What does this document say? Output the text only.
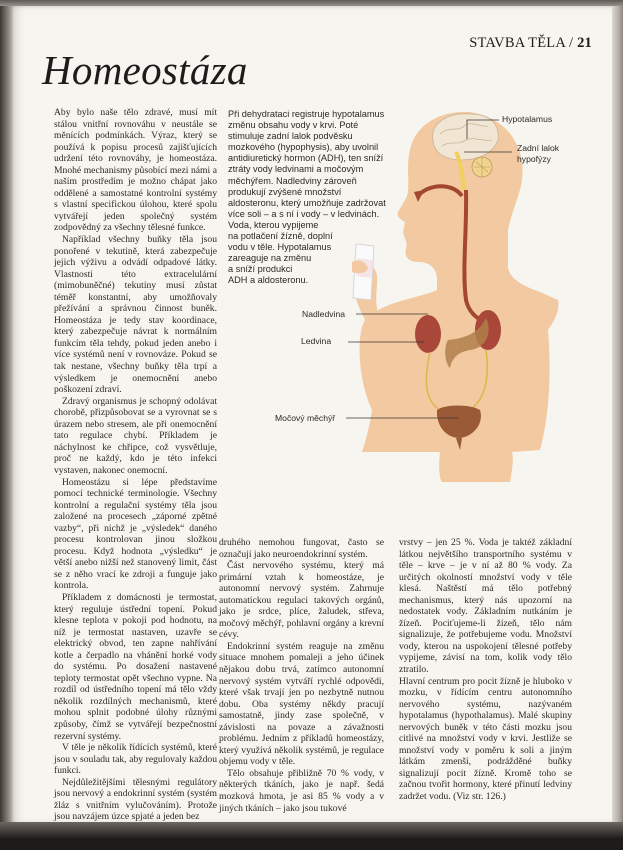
STAVBA TĚLA / 21
Homeostáza
Hypotalamus
Zadní lalok
hypofýzy
Nadledvina
Ledvina
Močový měchýř
Při dehydrataci registruje hypotalamus
změnu obsahu vody v krvi. Poté
stimuluje zadní lalok podvěsku
mozkového (hypophysis), aby uvolnil
antidiuretický hormon (ADH), ten sníží
ztráty vody ledvinami a močovým
měchýřem. Nadledviny zároveň
produkují zvýšené množství
aldosteronu, který umožňuje zadržovat
více soli – a s ní i vody – v ledvinách.
Voda, kterou vypijeme
na potlačení žízně, doplní
vodu v těle. Hypotalamus
zareaguje na změnu
a sníží produkci
ADH a aldosteronu.

Aby bylo naše tělo zdravé, musí mít stálou vnitřní rovnováhu v neustále se měnících podmínkách. Výraz, který se používá k popisu procesů zajišťujících udržení této rovnováhy, je homeostáza. Mnohé mechanismy působící mezi námi a naším prostředím je možno chápat jako oddělené a samostatné kontrolní systémy s vlastní specifickou úlohou, které spolu vytvářejí jeden společný systém zodpovědný za všechny tělesné funkce.

Například všechny buňky těla jsou ponořené v tekutině, která zabezpečuje jejich výživu a odvádí odpadové látky. Vlastnosti této extracelulární (mimobuněčné) tekutiny musí zůstat téměř konstantní, aby umožňovaly přežívání a správnou činnost buněk. Homeostáza je tedy stav koordinace, který zabezpečuje návrat k normálním funkcím těla tehdy, pokud jeden anebo i více systémů není v rovnováze. Pokud se tak nestane, všechny buňky těla trpí a výsledkem je onemocnění anebo poškození zdraví.

Zdravý organismus je schopný odolávat chorobě, přizpůsobovat se a vyrovnat se s úrazem nebo stresem, ale při onemocnění tato regulace chybí. Příkladem je náchylnost ke chřipce, což vysvětluje, proč ne každý, kdo je této infekci vystaven, nakonec onemocní.

Homeostázu si lépe představíme pomocí technické terminologie. Všechny kontrolní a regulační systémy těla jsou založené na procesech „záporné zpětné vazby“, při nichž je „výsledek“ daného procesu kontrolovan jinou složkou procesu. Když hodnota „výsledku“ je větší anebo nižší než stanovený limit, část se z něho vrací ke zdroji a funguje jako kontrola.

Příkladem z domácnosti je termostat, který reguluje ústřední topení. Pokud klesne teplota v pokoji pod hodnotu, na níž je termostat nastaven, uzavře se elektrický obvod, ten zapne nahřívání kotle a čerpadlo na vhánění horké vody do systému. Po dosažení nastavené teploty termostat opět všechno vypne. Na rozdíl od ústředního topení má tělo vždy několik rozdílných mechanismů, které mohou splnit podobné úlohy různými způsoby, čímž se vytvářejí bezpečnostní rezervní systémy.

V těle je několik řídících systémů, které jsou v souladu tak, aby regulovaly každou funkci.

Nejdůležitějšími tělesnými regulátory jsou nervový a endokrinní systém (systém žláz s vnitřním vylučováním). Protože jsou navzájem úzce spjaté a jeden bez

druhého nemohou fungovat, často se označují jako neuroendokrinní systém.

Část nervového systému, který má primární vztah k homeostáze, je autonomní nervový systém. Zahrnuje automatickou regulaci takových orgánů, jako je srdce, plíce, žaludek, střeva, močový měchýř, pohlavní orgány a krevní cévy.

Endokrinní systém reaguje na změnu situace mnohem pomaleji a jeho účinek nějakou dobu trvá, zatímco autonomní nervový systém vytváří rychlé odpovědi, které však trvají jen po nezbytně nutnou dobu. Oba systémy někdy pracují samostatně, jindy zase společně, v závislosti na povaze a závažnosti problému. Jedním z příkladů homeostázy, který využívá několik systémů, je regulace objemu vody v těle.

Tělo obsahuje přibližně 70 % vody, v některých tkáních, jako je např. šedá mozková hmota, je asi 85 % vody a v jiných tkáních – jako jsou tukové

vrstvy – jen 25 %. Voda je taktéž základní látkou největšího transportního systému v těle – krve – je v ní až 80 % vody. Za určitých okolností množství vody v těle klesá. Naštěstí má tělo potřebný mechanismus, který nás upozorní na nedostatek vody. Základním nutkáním je žízeň. Pociťujeme-li žízeň, tělo nám signalizuje, že potřebujeme vodu. Množství vody, kterou na uspokojení tělesné potřeby vypijeme, závisí na tom, kolik vody tělo ztratilo.

Hlavní centrum pro pocit žízně je hluboko v mozku, v řídícím centru autonomního nervového systému, nazývaném hypotalamus (hypothalamus). Malé skupiny nervových buněk v této části mozku jsou citlivé na množství vody v krvi. Jestliže se množství vody v poměru k soli a jiným látkám zmenší, podrážděné buňky signalizují pocit žízně. Kromě toho se začnou tvořit hormony, které přinutí ledviny zadržet vodu. (Viz str. 126.)
